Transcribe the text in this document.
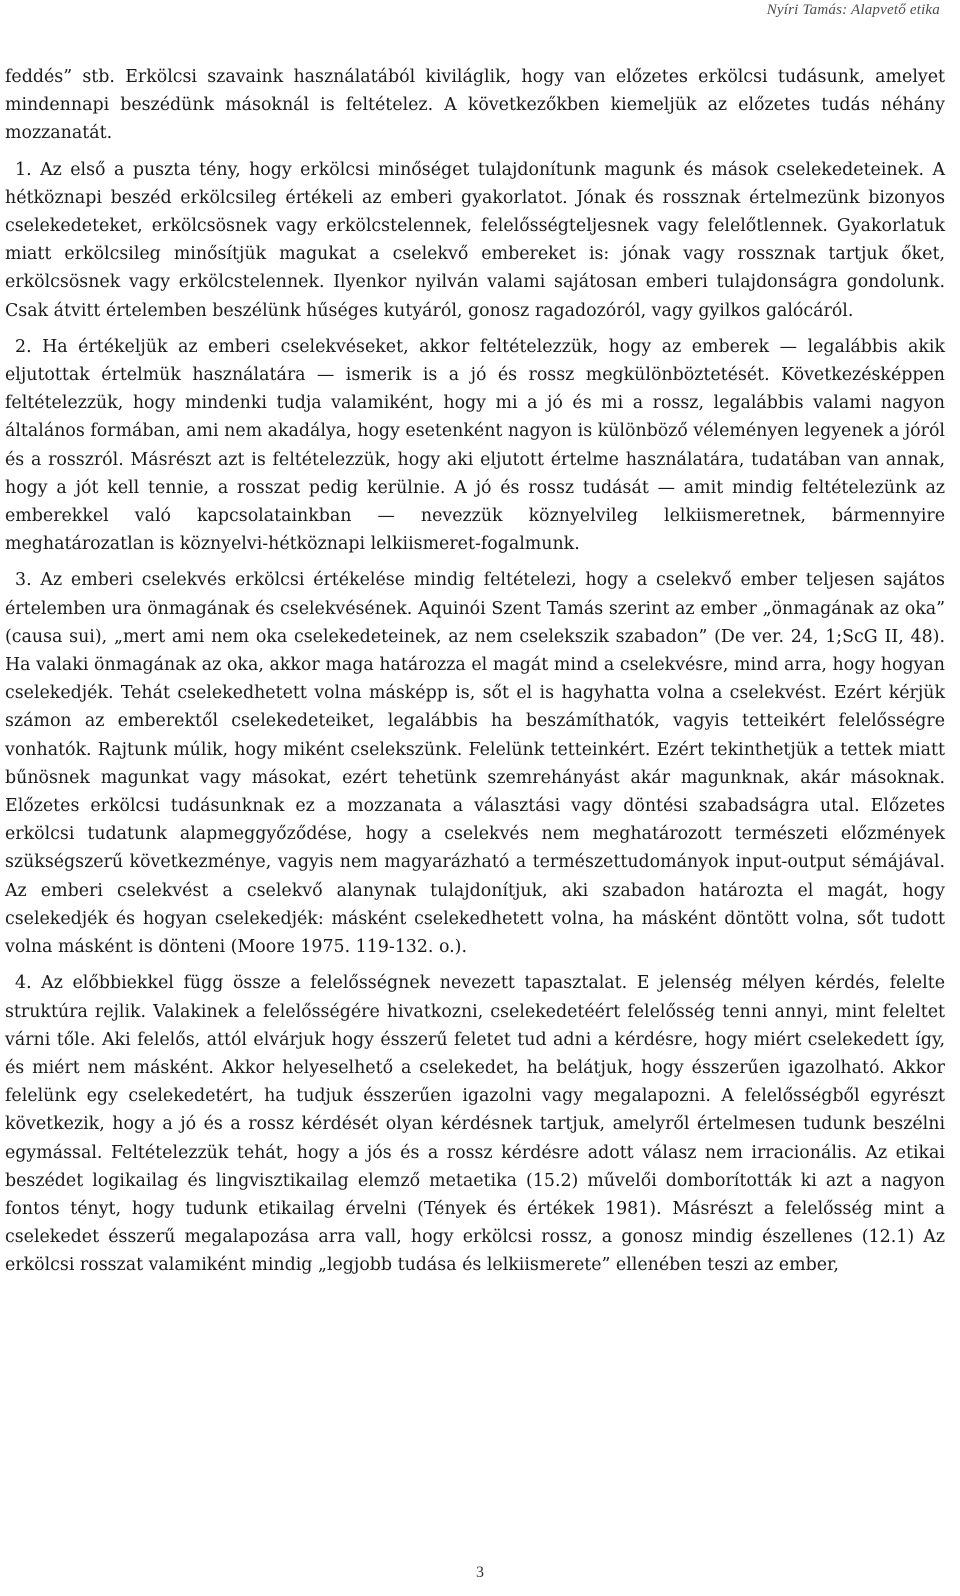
Nyíri Tamás: Alapvető etika

feddés” stb. Erkölcsi szavaink használatából kiviláglik, hogy van előzetes erkölcsi tudásunk, amelyet mindennapi beszédünk másoknál is feltételez. A következőkben kiemeljük az előzetes tudás néhány mozzanatát.

1. Az első a puszta tény, hogy erkölcsi minőséget tulajdonítunk magunk és mások cselekedeteinek. A hétköznapi beszéd erkölcsileg értékeli az emberi gyakorlatot. Jónak és rossznak értelmezünk bizonyos cselekedeteket, erkölcsösnek vagy erkölcstelennek, felelősségteljesnek vagy felelőtlennek. Gyakorlatuk miatt erkölcsileg minősítjük magukat a cselekvő embereket is: jónak vagy rossznak tartjuk őket, erkölcsösnek vagy erkölcstelennek. Ilyenkor nyilván valami sajátosan emberi tulajdonságra gondolunk. Csak átvitt értelemben beszélünk hűséges kutyáról, gonosz ragadozóról, vagy gyilkos galócáról.

2. Ha értékeljük az emberi cselekvéseket, akkor feltételezzük, hogy az emberek — legalábbis akik eljutottak értelmük használatára — ismerik is a jó és rossz megkülönböztetését. Következésképpen feltételezzük, hogy mindenki tudja valamiként, hogy mi a jó és mi a rossz, legalábbis valami nagyon általános formában, ami nem akadálya, hogy esetenként nagyon is különböző véleményen legyenek a jóról és a rosszról. Másrészt azt is feltételezzük, hogy aki eljutott értelme használatára, tudatában van annak, hogy a jót kell tennie, a rosszat pedig kerülnie. A jó és rossz tudását — amit mindig feltételezünk az emberekkel való kapcsolatainkban — nevezzük köznyelvileg lelkiismeretnek, bármennyire meghatározatlan is köznyelvi-hétköznapi lelkiismeret-fogalmunk.

3. Az emberi cselekvés erkölcsi értékelése mindig feltételezi, hogy a cselekvő ember teljesen sajátos értelemben ura önmagának és cselekvésének. Aquinói Szent Tamás szerint az ember „önmagának az oka” (causa sui), „mert ami nem oka cselekedeteinek, az nem cselekszik szabadon” (De ver. 24, 1;ScG II, 48). Ha valaki önmagának az oka, akkor maga határozza el magát mind a cselekvésre, mind arra, hogy hogyan cselekedjék. Tehát cselekedhetett volna másképp is, sőt el is hagyhatta volna a cselekvést. Ezért kérjük számon az emberektől cselekedeteiket, legalábbis ha beszámíthatók, vagyis tetteikért felelősségre vonhatók. Rajtunk múlik, hogy miként cselekszünk. Felelünk tetteinkért. Ezért tekinthetjük a tettek miatt bűnösnek magunkat vagy másokat, ezért tehetünk szemrehányást akár magunknak, akár másoknak. Előzetes erkölcsi tudásunknak ez a mozzanata a választási vagy döntési szabadságra utal. Előzetes erkölcsi tudatunk alapmeggyőződése, hogy a cselekvés nem meghatározott természeti előzmények szükségszerű következménye, vagyis nem magyarázható a természettudományok input-output sémájával. Az emberi cselekvést a cselekvő alanynak tulajdonítjuk, aki szabadon határozta el magát, hogy cselekedjék és hogyan cselekedjék: másként cselekedhetett volna, ha másként döntött volna, sőt tudott volna másként is dönteni (Moore 1975. 119-132. o.).

4. Az előbbiekkel függ össze a felelősségnek nevezett tapasztalat. E jelenség mélyen kérdés, felelte struktúra rejlik. Valakinek a felelősségére hivatkozni, cselekedetéért felelősség tenni annyi, mint feleltet várni tőle. Aki felelős, attól elvárjuk hogy ésszerű feletet tud adni a kérdésre, hogy miért cselekedett így, és miért nem másként. Akkor helyeselhető a cselekedet, ha belátjuk, hogy ésszerűen igazolható. Akkor felelünk egy cselekedetért, ha tudjuk ésszerűen igazolni vagy megalapozni. A felelősségből egyrészt következik, hogy a jó és a rossz kérdését olyan kérdésnek tartjuk, amelyről értelmesen tudunk beszélni egymással. Feltételezzük tehát, hogy a jós és a rossz kérdésre adott válasz nem irracionális. Az etikai beszédet logikailag és lingvisztikailag elemző metaetika (15.2) művelői domborították ki azt a nagyon fontos tényt, hogy tudunk etikailag érvelni (Tények és értékek 1981). Másrészt a felelősség mint a cselekedet ésszerű megalapozása arra vall, hogy erkölcsi rossz, a gonosz mindig észellenes (12.1) Az erkölcsi rosszat valamiként mindig „legjobb tudása és lelkiismerete” ellenében teszi az ember,

3
